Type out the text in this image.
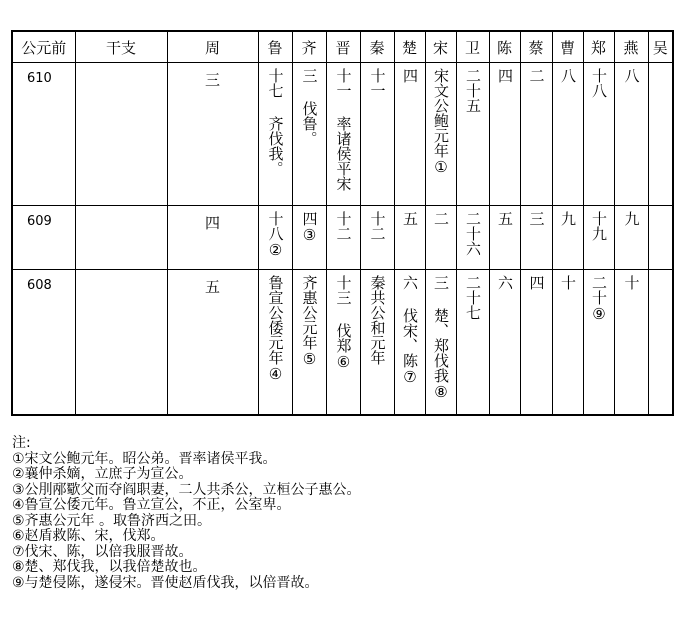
公元前	干支	周	鲁	齐	晋	秦	楚	宋	卫	陈	蔡	曹	郑	燕	吴
610		三	十七 齐伐我。	三 伐鲁。	十一 率诸侯平宋	十一	四	宋文公鲍元年①	二十五	四	二	八	十八	八	

609		四	十八②	四③	十二	十二	五	二	二十六	五	三	九	十九	九	

608		五	鲁宣公倭元年④	齐惠公元年⑤	十三 伐郑⑥	秦共公和元年	六 伐宋、陈⑦	三 楚、郑伐我⑧	二十七	六	四	十	二十⑨	十	

注:
①宋文公鲍元年。昭公弟。晋率诸侯平我。
②襄仲杀嫡，立庶子为宣公。
③公刖邴歜父而夺阎职妻，二人共杀公，立桓公子惠公。
④鲁宣公倭元年。鲁立宣公，不正，公室卑。
⑤齐惠公元年 。取鲁济西之田。
⑥赵盾救陈、宋，伐郑。
⑦伐宋、陈，以倍我服晋故。
⑧楚、郑伐我，以我倍楚故也。
⑨与楚侵陈，遂侵宋。晋使赵盾伐我，以倍晋故。
